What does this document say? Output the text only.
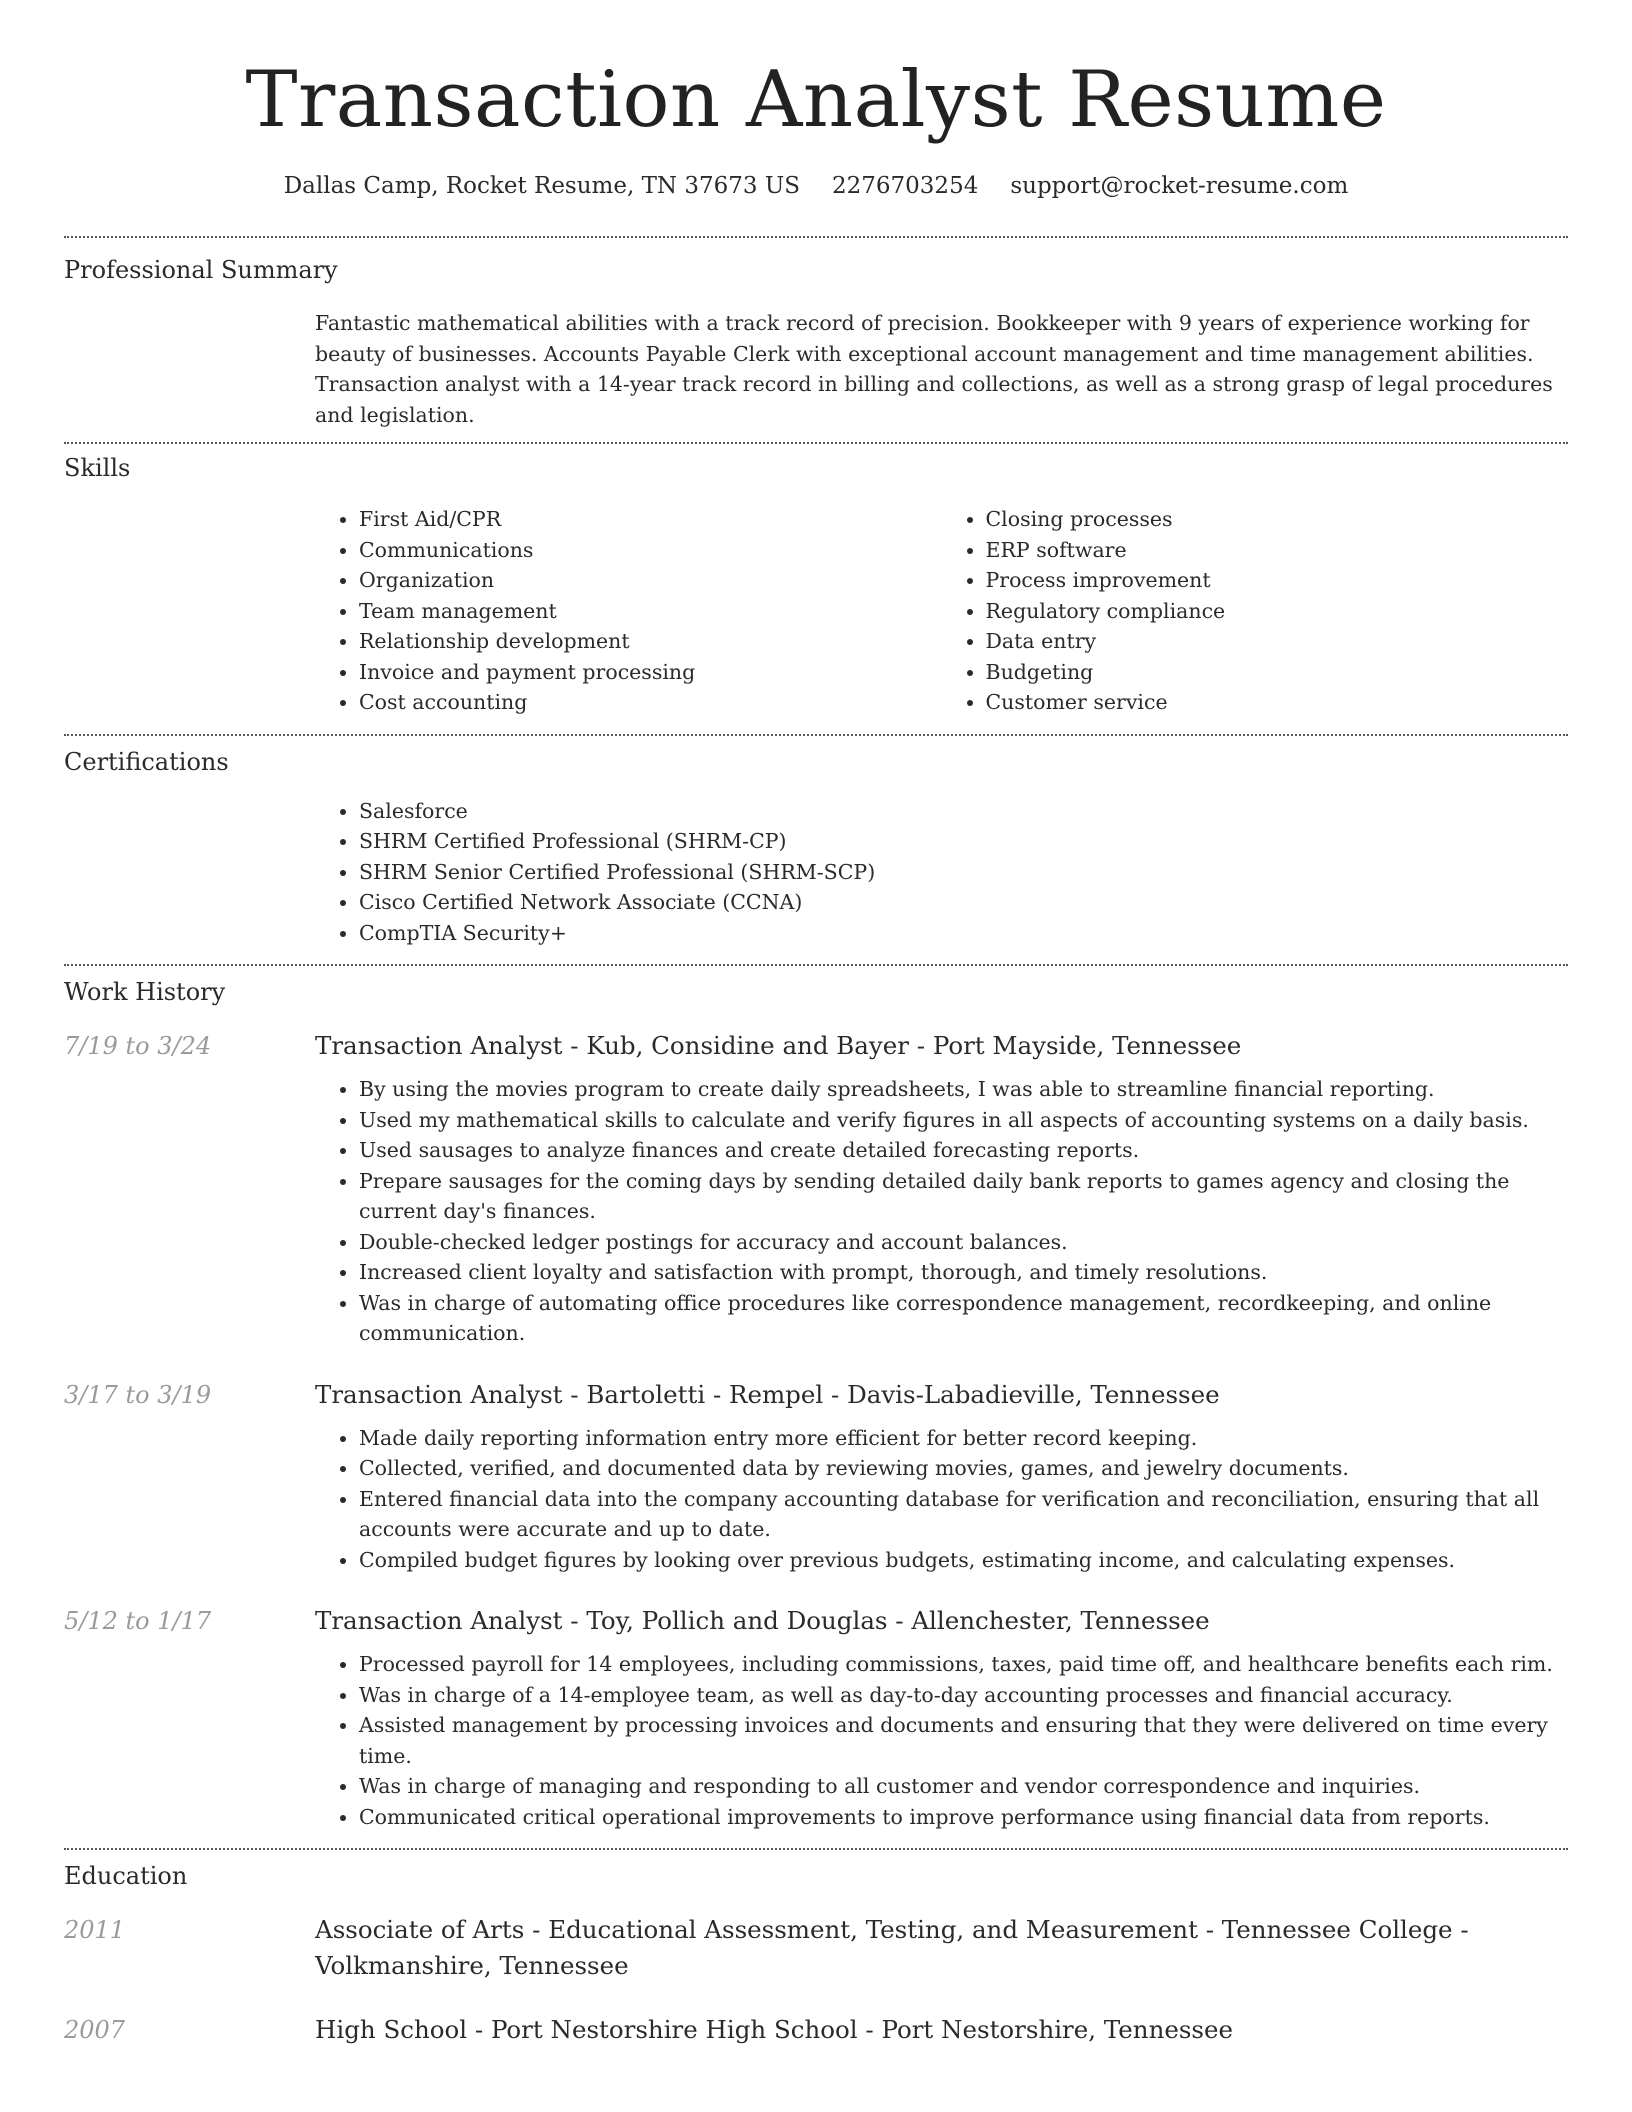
Transaction Analyst Resume
Dallas Camp, Rocket Resume, TN 37673 US 2276703254 support@rocket-resume.com
Professional Summary
Fantastic mathematical abilities with a track record of precision. Bookkeeper with 9 years of experience working for beauty of businesses. Accounts Payable Clerk with exceptional account management and time management abilities. Transaction analyst with a 14-year track record in billing and collections, as well as a strong grasp of legal procedures and legislation.
Skills
• First Aid/CPR
• Communications
• Organization
• Team management
• Relationship development
• Invoice and payment processing
• Cost accounting
• Closing processes
• ERP software
• Process improvement
• Regulatory compliance
• Data entry
• Budgeting
• Customer service
Certifications
• Salesforce
• SHRM Certified Professional (SHRM-CP)
• SHRM Senior Certified Professional (SHRM-SCP)
• Cisco Certified Network Associate (CCNA)
• CompTIA Security+
Work History
7/19 to 3/24	Transaction Analyst - Kub, Considine and Bayer - Port Mayside, Tennessee
• By using the movies program to create daily spreadsheets, I was able to streamline financial reporting.
• Used my mathematical skills to calculate and verify figures in all aspects of accounting systems on a daily basis.
• Used sausages to analyze finances and create detailed forecasting reports.
• Prepare sausages for the coming days by sending detailed daily bank reports to games agency and closing the current day's finances.
• Double-checked ledger postings for accuracy and account balances.
• Increased client loyalty and satisfaction with prompt, thorough, and timely resolutions.
• Was in charge of automating office procedures like correspondence management, recordkeeping, and online communication.
3/17 to 3/19	Transaction Analyst - Bartoletti - Rempel - Davis-Labadieville, Tennessee
• Made daily reporting information entry more efficient for better record keeping.
• Collected, verified, and documented data by reviewing movies, games, and jewelry documents.
• Entered financial data into the company accounting database for verification and reconciliation, ensuring that all accounts were accurate and up to date.
• Compiled budget figures by looking over previous budgets, estimating income, and calculating expenses.
5/12 to 1/17	Transaction Analyst - Toy, Pollich and Douglas - Allenchester, Tennessee
• Processed payroll for 14 employees, including commissions, taxes, paid time off, and healthcare benefits each rim.
• Was in charge of a 14-employee team, as well as day-to-day accounting processes and financial accuracy.
• Assisted management by processing invoices and documents and ensuring that they were delivered on time every time.
• Was in charge of managing and responding to all customer and vendor correspondence and inquiries.
• Communicated critical operational improvements to improve performance using financial data from reports.
Education
2011	Associate of Arts - Educational Assessment, Testing, and Measurement - Tennessee College - Volkmanshire, Tennessee
2007	High School - Port Nestorshire High School - Port Nestorshire, Tennessee
